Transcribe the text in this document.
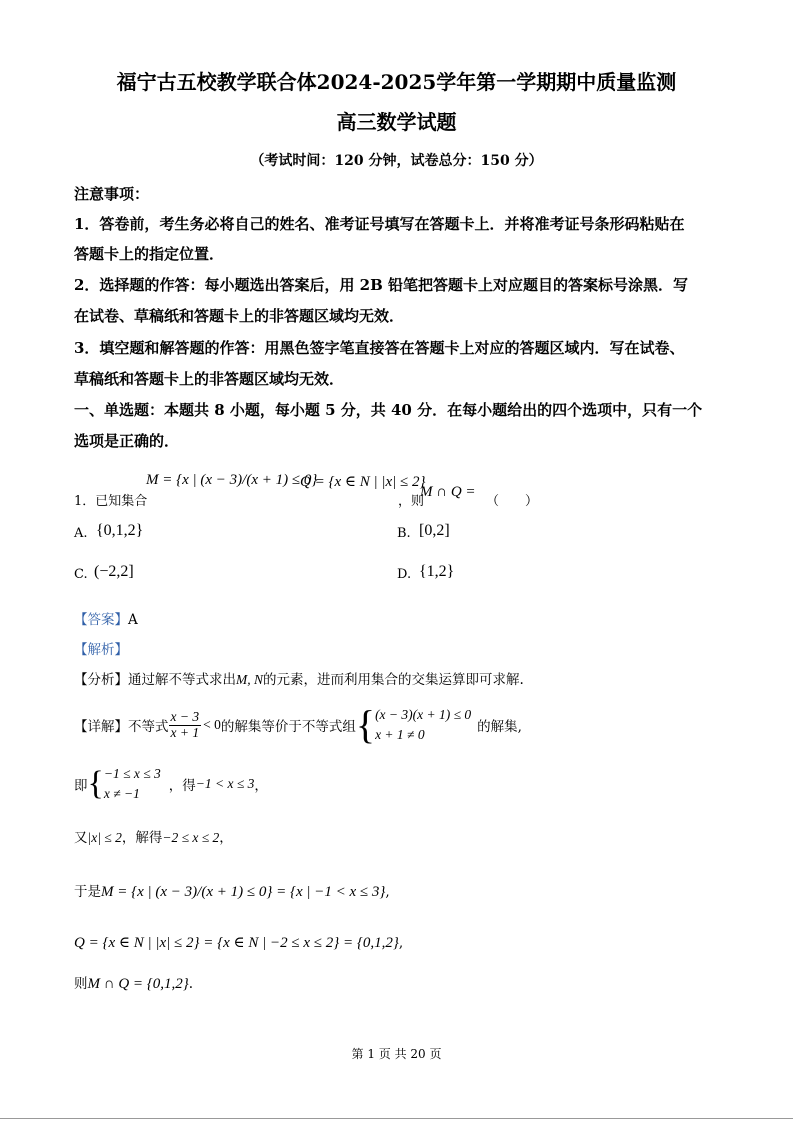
福宁古五校教学联合体2024-2025学年第一学期期中质量监测
高三数学试题
（考试时间：120 分钟，试卷总分：150 分）
注意事项：
1．答卷前，考生务必将自己的姓名、准考证号填写在答题卡上．并将准考证号条形码粘贴在
答题卡上的指定位置．
2．选择题的作答：每小题选出答案后，用 2B 铅笔把答题卡上对应题目的答案标号涂黑．写
在试卷、草稿纸和答题卡上的非答题区域均无效．
3．填空题和解答题的作答：用黑色签字笔直接答在答题卡上对应的答题区域内．写在试卷、
草稿纸和答题卡上的非答题区域均无效．
一、单选题：本题共 8 小题，每小题 5 分，共 40 分．在每小题给出的四个选项中，只有一个
选项是正确的．
1．已知集合
M = {x | (x − 3)/(x + 1) ≤ 0}
Q = {x ∈ N | |x| ≤ 2}
，则
M ∩ Q =
（　　）
A. {0,1,2}	B. [0,2]
C. (−2,2]	D. {1,2}
【答案】A
【解析】
【分析】通过解不等式求出M, N的元素，进而利用集合的交集运算即可求解.
【详解】 不等式 $\frac{x - 3}{x + 1} < 0$ 的解集等价于不等式组 { (x − 3)(x + 1) ≤ 0
x + 1 ≠ 0	的解集,
即 { −1 ≤ x ≤ 3
x ≠ −1	，得 −1 < x ≤ 3 ，
又|x| ≤ 2，解得−2 ≤ x ≤ 2，
于是M = {x | (x − 3)/(x + 1) ≤ 0} = {x | −1 < x ≤ 3},
Q = {x ∈ N | |x| ≤ 2} = {x ∈ N | −2 ≤ x ≤ 2} = {0,1,2},
则M ∩ Q = {0,1,2}.
第 1 页 共 20 页
